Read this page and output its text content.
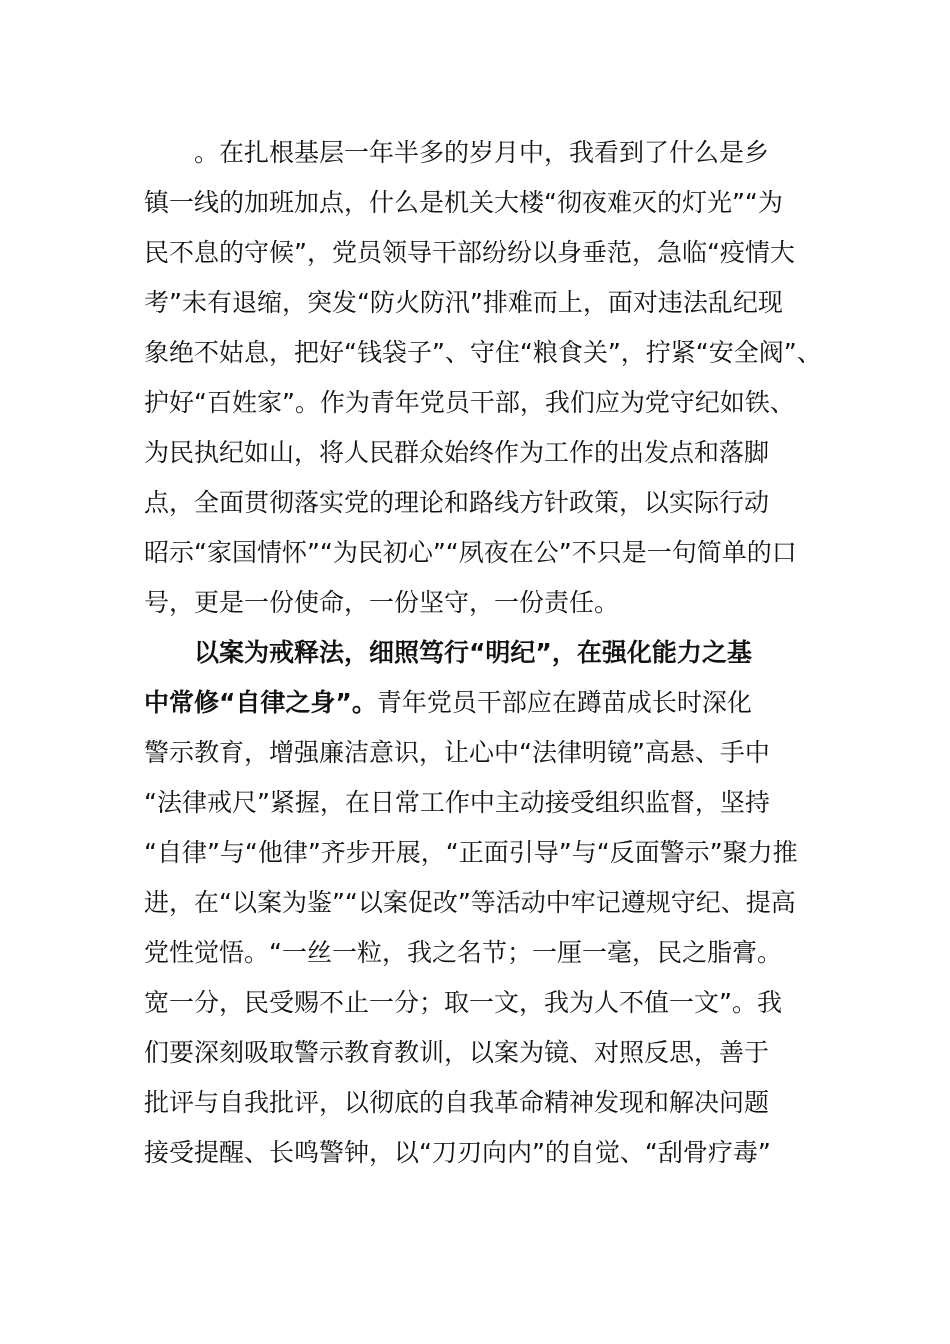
。在扎根基层一年半多的岁月中，我看到了什么是乡
镇一线的加班加点，什么是机关大楼“彻夜难灭的灯光”“为
民不息的守候”，党员领导干部纷纷以身垂范，急临“疫情大
考”未有退缩，突发“防火防汛”排难而上，面对违法乱纪现
象绝不姑息，把好“钱袋子”、守住“粮食关”，拧紧“安全阀”、
护好“百姓家”。作为青年党员干部，我们应为党守纪如铁、
为民执纪如山，将人民群众始终作为工作的出发点和落脚
点，全面贯彻落实党的理论和路线方针政策，以实际行动
昭示“家国情怀”“为民初心”“夙夜在公”不只是一句简单的口
号，更是一份使命，一份坚守，一份责任。
以案为戒释法，细照笃行“明纪”，在强化能力之基
中常修“自律之身”。青年党员干部应在蹲苗成长时深化
警示教育，增强廉洁意识，让心中“法律明镜”高悬、手中
“法律戒尺”紧握，在日常工作中主动接受组织监督，坚持
“自律”与“他律”齐步开展，“正面引导”与“反面警示”聚力推
进，在“以案为鉴”“以案促改”等活动中牢记遵规守纪、提高
党性觉悟。“一丝一粒，我之名节；一厘一毫，民之脂膏。
宽一分，民受赐不止一分；取一文，我为人不值一文”。我
们要深刻吸取警示教育教训，以案为镜、对照反思，善于
批评与自我批评，以彻底的自我革命精神发现和解决问题
接受提醒、长鸣警钟，以“刀刃向内”的自觉、“刮骨疗毒”
